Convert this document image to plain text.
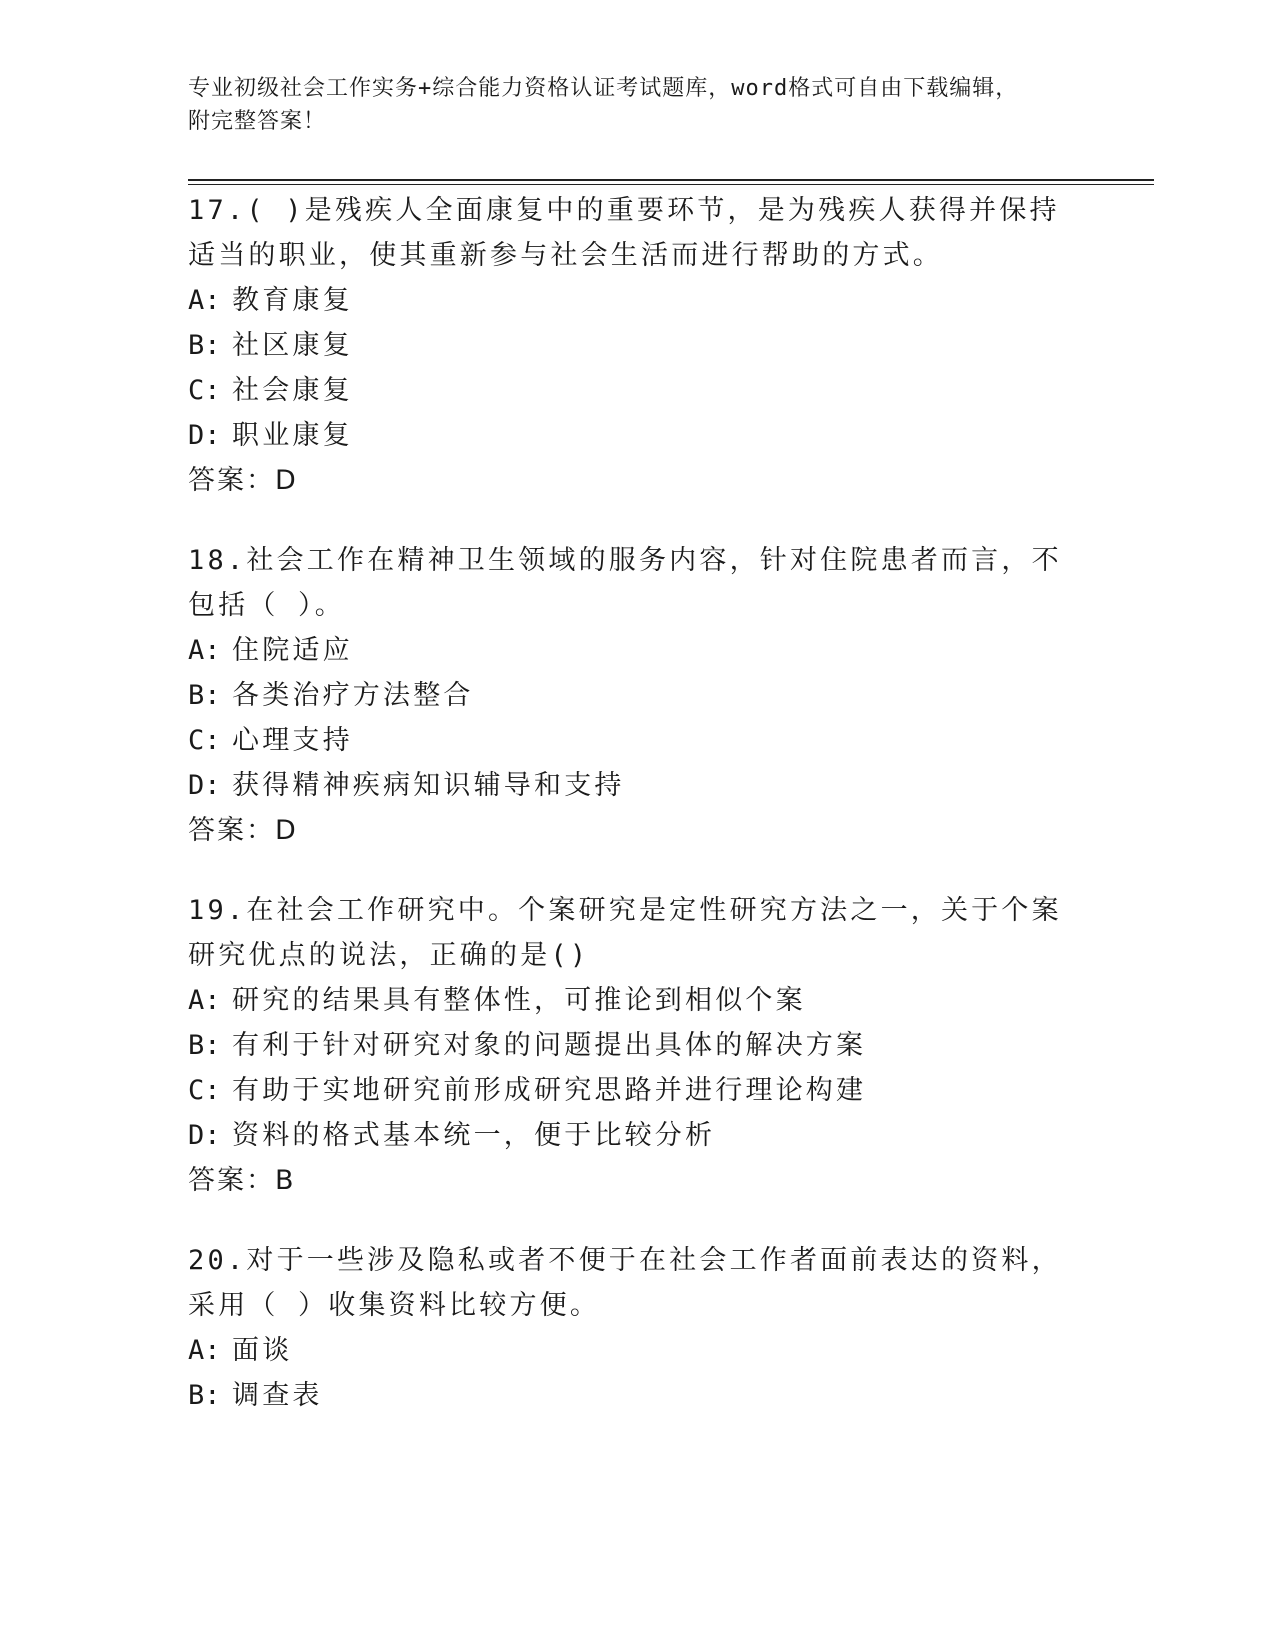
专业初级社会工作实务+综合能力资格认证考试题库，word格式可自由下载编辑，
附完整答案！
17.( )是残疾人全面康复中的重要环节，是为残疾人获得并保持适当的职业，使其重新参与社会生活而进行帮助的方式。
A: 教育康复
B: 社区康复
C: 社会康复
D: 职业康复
答案：D
18.社会工作在精神卫生领域的服务内容，针对住院患者而言，不包括（ ）。
A: 住院适应
B: 各类治疗方法整合
C: 心理支持
D: 获得精神疾病知识辅导和支持
答案：D
19.在社会工作研究中。个案研究是定性研究方法之一，关于个案研究优点的说法，正确的是()
A: 研究的结果具有整体性，可推论到相似个案
B: 有利于针对研究对象的问题提出具体的解决方案
C: 有助于实地研究前形成研究思路并进行理论构建
D: 资料的格式基本统一，便于比较分析
答案：B
20.对于一些涉及隐私或者不便于在社会工作者面前表达的资料，采用（ ）收集资料比较方便。
A: 面谈
B: 调查表
